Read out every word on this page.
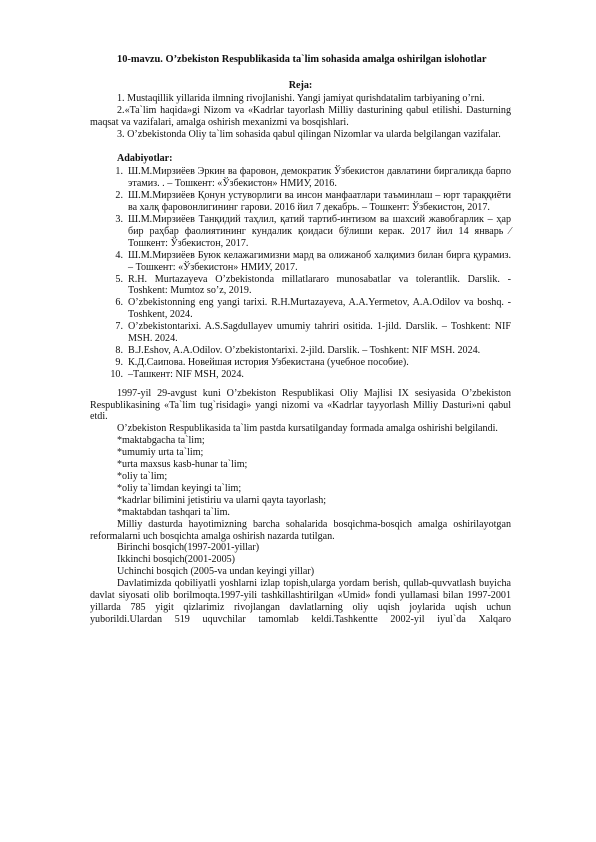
10-mavzu. O’zbekiston Respublikasida ta`lim sohasida amalga oshirilgan islohotlar

Reja:

1. Mustaqillik yillarida ilmning rivojlanishi. Yangi jamiyat qurishdatalim tarbiyaning o’rni.

2.«Ta`lim haqida»gi Nizom va «Kadrlar tayorlash Milliy dasturining qabul etilishi. Dasturning maqsat va vazifalari, amalga oshirish mexanizmi va bosqishlari.

3. O’zbekistonda Oliy ta`lim sohasida qabul qilingan Nizomlar va ularda belgilangan vazifalar.

Adabiyotlar:
1. Ш.М.Мирзиёев Эркин ва фаровон, демократик Ўзбекистон давлатини биргаликда барпо этамиз. . – Тошкент: «Ўзбекистон» НМИУ, 2016.
2. Ш.М.Мирзиёев Қонун устуворлиги ва инсон манфаатлари таъминлаш – юрт тараққиёти ва халқ фаровонлигининг гарови. 2016 йил 7 декабрь. – Тошкент: Ўзбекистон, 2017.
3. Ш.М.Мирзиёев Танқидий таҳлил, қатий тартиб-интизом ва шахсий жавобгарлик – ҳар бир раҳбар фаолиятининг кундалик қоидаси бўлиши керак. 2017 йил 14 январь ⁄ Тошкент: Ўзбекистон, 2017.
4. Ш.М.Мирзиёев Буюк келажагимизни мард ва олижаноб халқимиз билан бирга қурамиз. – Тошкент: «Ўзбекистон» НМИУ, 2017.
5. R.H. Murtazayeva O’zbekistonda millatlararo munosabatlar va tolerantlik. Darslik. - Toshkent: Mumtoz so’z, 2019.
6. O’zbekistonning eng yangi tarixi. R.H.Murtazayeva, A.A.Yermetov, A.A.Odilov va boshq. - Toshkent, 2024.
7. O’zbekistontarixi. A.S.Sagdullayev umumiy tahriri ositida. 1-jild. Darslik. – Toshkent: NIF MSH. 2024.
8. B.J.Eshov, A.A.Odilov. O’zbekistontarixi. 2-jild. Darslik. – Toshkent: NIF MSH. 2024.
9. К.Д.Саипова. Новейшая история Узбекистана (учебное пособие).
10. –Ташкент: NIF MSH, 2024.

1997-yil 29-avgust kuni O’zbekiston Respublikasi Oliy Majlisi IX sesiyasida O’zbekiston Respublikasining «Ta`lim tug`risidagi» yangi nizomi va «Kadrlar tayyorlash Milliy Dasturi»ni qabul etdi.

O’zbekiston Respublikasida ta`lim pastda kursatilganday formada amalga oshirishi belgilandi.

*maktabgacha ta`lim;
*umumiy urta ta`lim;
*urta maxsus kasb-hunar ta`lim;
*oliy ta`lim;
*oliy ta`limdan keyingi ta`lim;
*kadrlar bilimini jetistiriu va ularni qayta tayorlash;
*maktabdan tashqari ta`lim.

Milliy dasturda hayotimizning barcha sohalarida bosqichma-bosqich amalga oshirilayotgan reformalarni uch bosqichta amalga oshirish nazarda tutilgan.

Birinchi bosqich(1997-2001-yillar)
Ikkinchi bosqich(2001-2005)
Uchinchi bosqich (2005-va undan keyingi yillar)

Davlatimizda qobiliyatli yoshlarni izlap topish,ularga yordam berish, qullab-quvvatlash buyicha davlat siyosati olib borilmoqta.1997-yili tashkillashtirilgan «Umid» fondi yullamasi bilan 1997-2001 yillarda 785 yigit qizlarimiz rivojlangan davlatlarning oliy uqish joylarida uqish uchun yuborildi.Ulardan 519 uquvchilar tamomlab keldi.Tashkentte 2002-yil iyul`da Xalqaro
